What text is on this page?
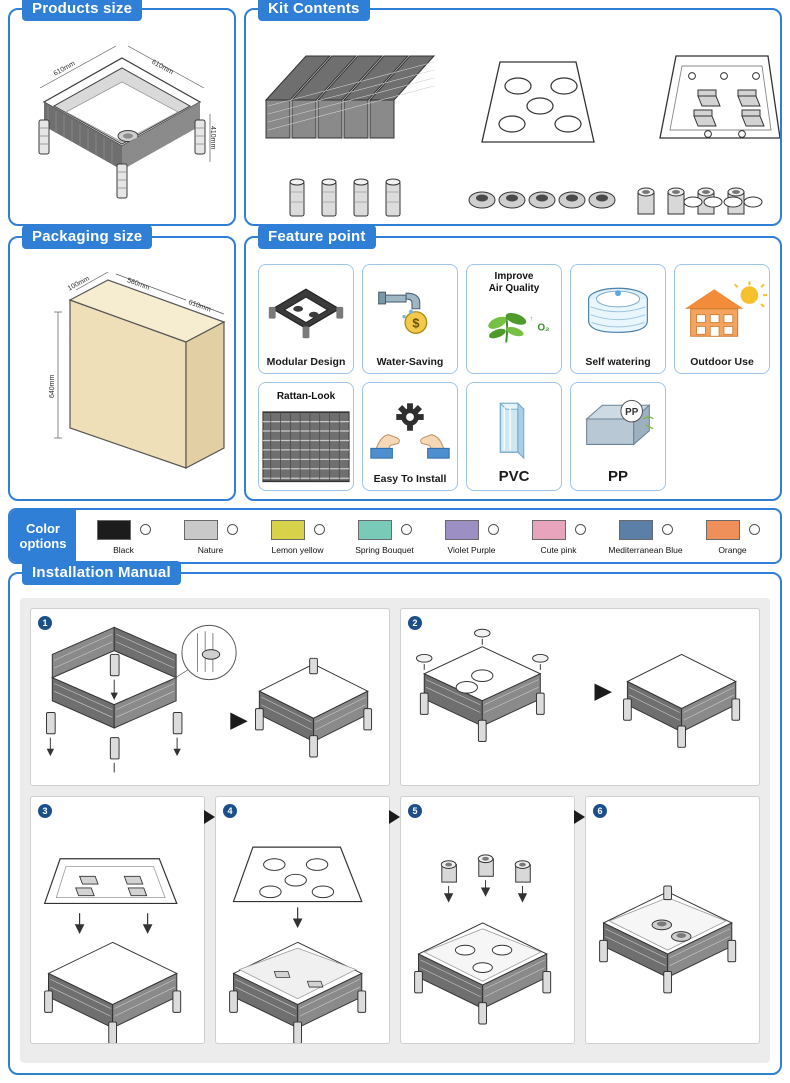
Products size
610mm	610mm
410mm
Kit Contents
Packaging size
640mm
100mm	560mm
610mm
Feature point
Modular Design
$
Water-Saving
Improve
Air Quality
O₂
↑
Self watering	Outdoor Use
Rattan-Look
Easy To Install	PVC
PP
PP
Color
options	Black	Nature	Lemon yellow	Spring Bouquet	Violet Purple	Cute pink	Mediterranean Blue	Orange
Installation Manual
1	2
3	4	5	6
